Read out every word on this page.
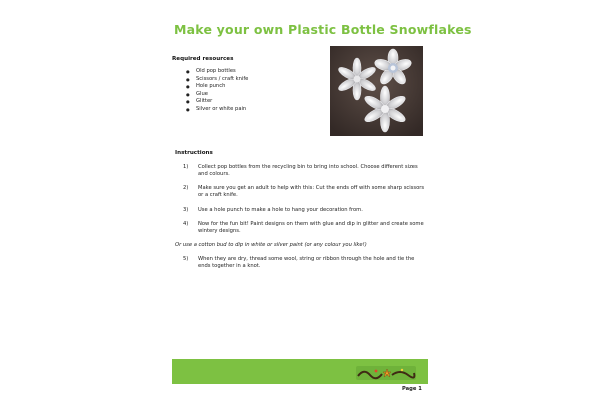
Make your own Plastic Bottle Snowflakes
Required resources
● Old pop bottles
● Scissors / craft knife
● Hole punch
● Glue
● Glitter
● Silver or white pain
Instructions
1)	Collect pop bottles from the recycling bin to bring into school. Choose different sizes and colours.
2)	Make sure you get an adult to help with this: Cut the ends off with some sharp scissors or a craft knife.
3)	Use a hole punch to make a hole to hang your decoration from.
4)	Now for the fun bit! Paint designs on them with glue and dip in glitter and create some wintery designs.
Or use a cotton bud to dip in white or silver paint (or any colour you like!)
5)	When they are dry, thread some wool, string or ribbon through the hole and tie the ends together in a knot.
Page 1
